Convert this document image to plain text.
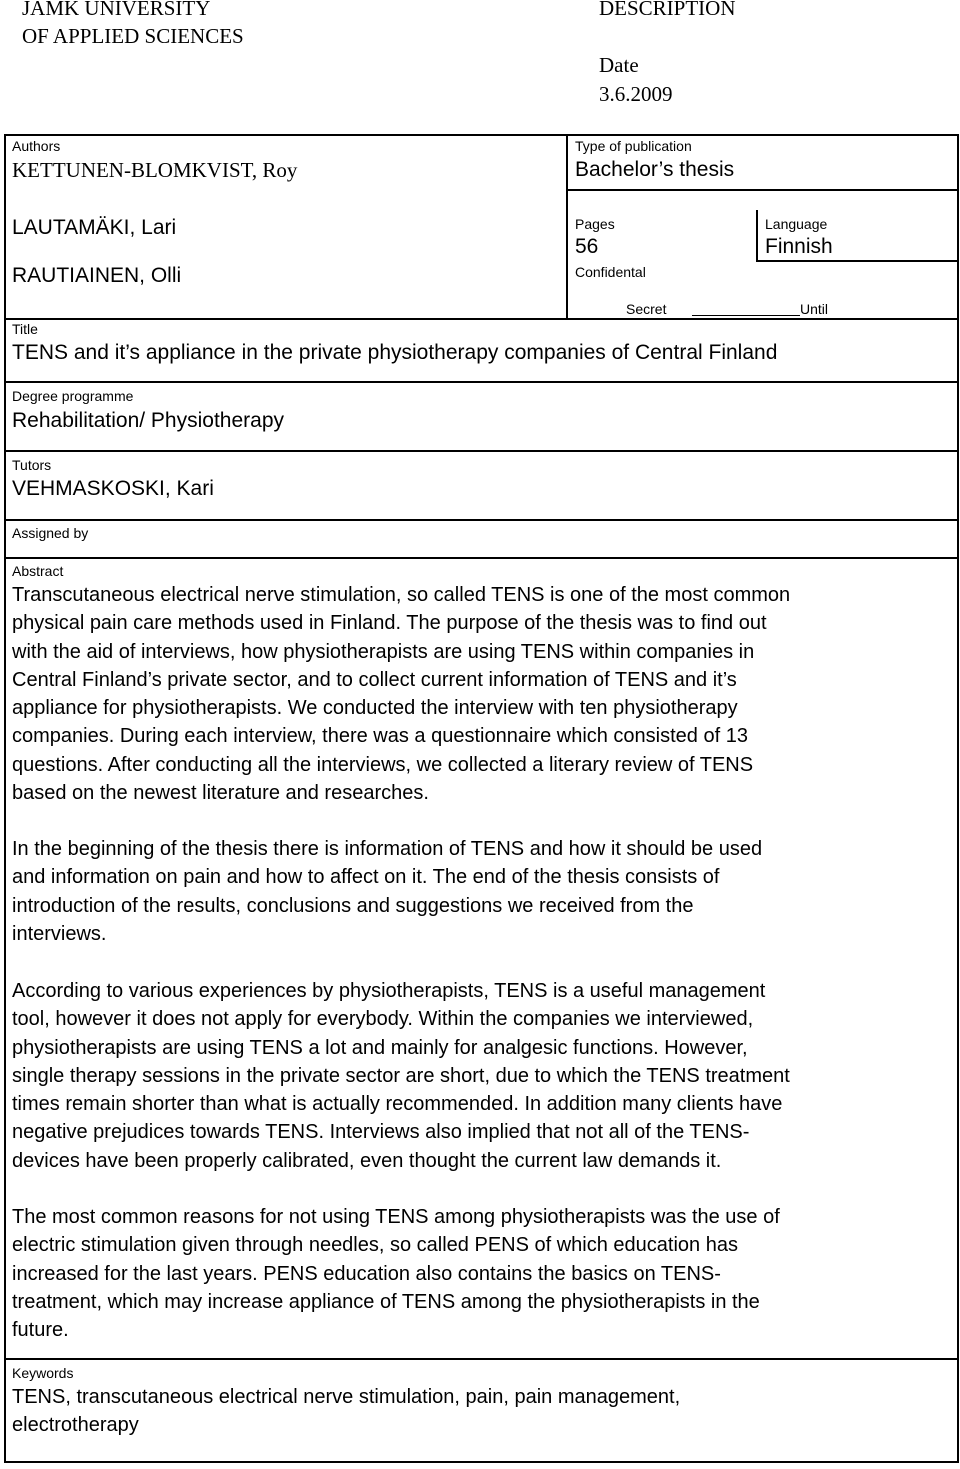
JAMK UNIVERSITY
OF APPLIED SCIENCES
DESCRIPTION
Date
3.6.2009
Authors
KETTUNEN-BLOMKVIST, Roy
LAUTAMÄKI, Lari
RAUTIAINEN, Olli
Type of publication
Bachelor’s thesis
Pages
56
Language
Finnish
Confidental
Secret	Until
Title
TENS and it’s appliance in the private physiotherapy companies of Central Finland
Degree programme
Rehabilitation/ Physiotherapy
Tutors
VEHMASKOSKI, Kari
Assigned by
Abstract
Transcutaneous electrical nerve stimulation, so called TENS is one of the most common
physical pain care methods used in Finland. The purpose of the thesis was to find out
with the aid of interviews, how physiotherapists are using TENS within companies in
Central Finland’s private sector, and to collect current information of TENS and it’s
appliance for physiotherapists. We conducted the interview with ten physiotherapy
companies. During each interview, there was a questionnaire which consisted of 13
questions. After conducting all the interviews, we collected a literary review of TENS
based on the newest literature and researches.
In the beginning of the thesis there is information of TENS and how it should be used
and information on pain and how to affect on it. The end of the thesis consists of
introduction of the results, conclusions and suggestions we received from the
interviews.
According to various experiences by physiotherapists, TENS is a useful management
tool, however it does not apply for everybody. Within the companies we interviewed,
physiotherapists are using TENS a lot and mainly for analgesic functions. However,
single therapy sessions in the private sector are short, due to which the TENS treatment
times remain shorter than what is actually recommended. In addition many clients have
negative prejudices towards TENS. Interviews also implied that not all of the TENS-
devices have been properly calibrated, even thought the current law demands it.
The most common reasons for not using TENS among physiotherapists was the use of
electric stimulation given through needles, so called PENS of which education has
increased for the last years. PENS education also contains the basics on TENS-
treatment, which may increase appliance of TENS among the physiotherapists in the
future.
Keywords
TENS, transcutaneous electrical nerve stimulation, pain, pain management,
electrotherapy
